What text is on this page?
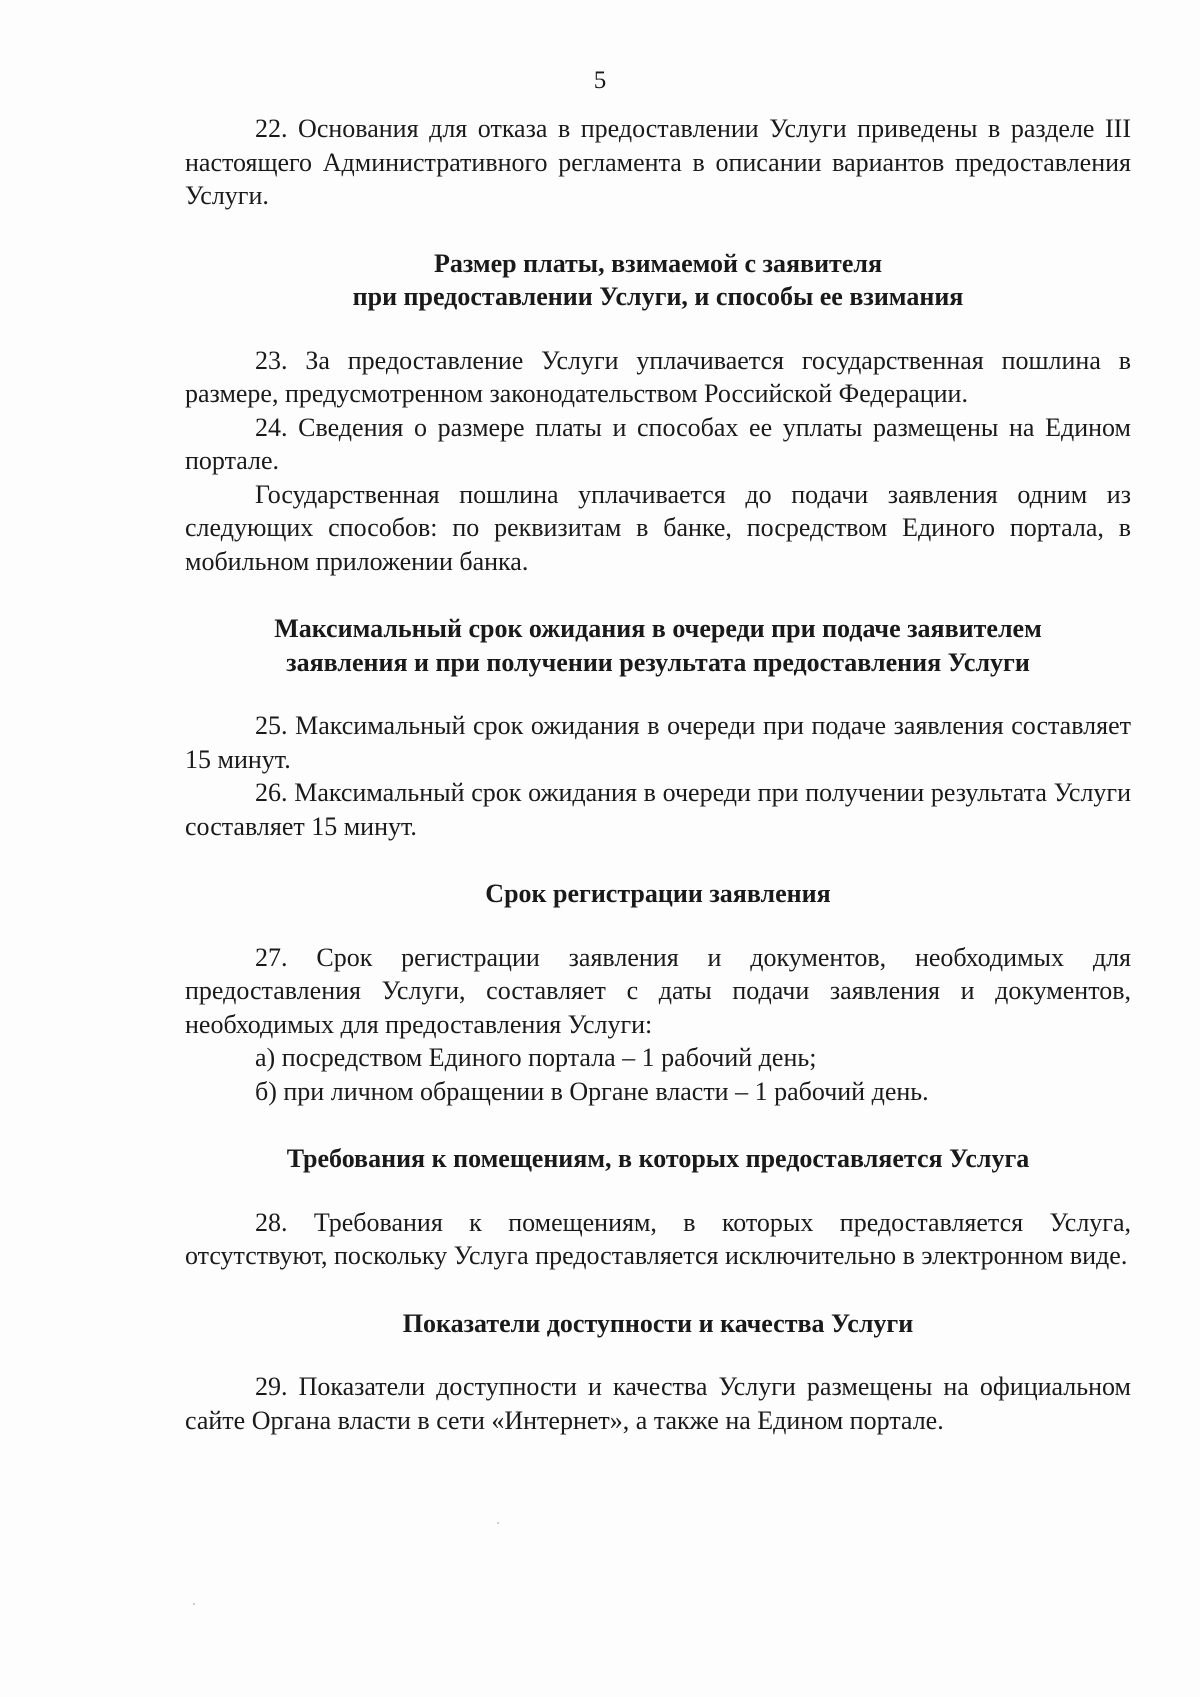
5

22. Основания для отказа в предоставлении Услуги приведены в разделе III настоящего Административного регламента в описании вариантов предоставления Услуги.

Размер платы, взимаемой с заявителя
при предоставлении Услуги, и способы ее взимания

23. За предоставление Услуги уплачивается государственная пошлина в размере, предусмотренном законодательством Российской Федерации.

24. Сведения о размере платы и способах ее уплаты размещены на Едином портале.

Государственная пошлина уплачивается до подачи заявления одним из следующих способов: по реквизитам в банке, посредством Единого портала, в мобильном приложении банка.

Максимальный срок ожидания в очереди при подаче заявителем
заявления и при получении результата предоставления Услуги

25. Максимальный срок ожидания в очереди при подаче заявления составляет 15 минут.

26. Максимальный срок ожидания в очереди при получении результата Услуги составляет 15 минут.

Срок регистрации заявления

27. Срок регистрации заявления и документов, необходимых для предоставления Услуги, составляет с даты подачи заявления и документов, необходимых для предоставления Услуги:

а) посредством Единого портала – 1 рабочий день;

б) при личном обращении в Органе власти – 1 рабочий день.

Требования к помещениям, в которых предоставляется Услуга

28. Требования к помещениям, в которых предоставляется Услуга, отсутствуют, поскольку Услуга предоставляется исключительно в электронном виде.

Показатели доступности и качества Услуги

29. Показатели доступности и качества Услуги размещены на официальном сайте Органа власти в сети «Интернет», а также на Едином портале.
